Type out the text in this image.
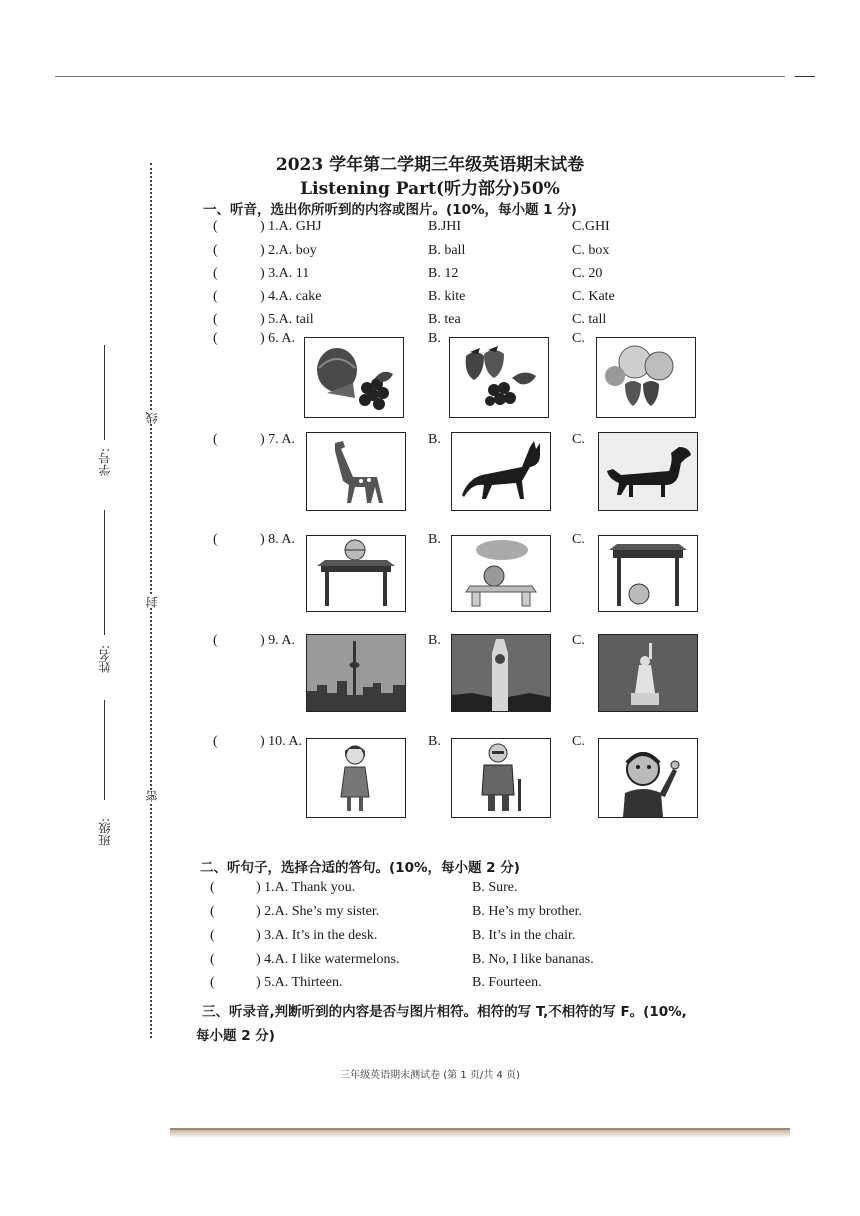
线
封
密
班级:
姓名:
学号:
2023 学年第二学期三年级英语期末试卷
Listening Part(听力部分)50%
一、听音，选出你所听到的内容或图片。(10%，每小题 1 分)
(	) 1.A. GHJ	B.JHI	C.GHI
(	) 2.A. boy	B. ball	C. box
(	) 3.A. 11	B. 12	C. 20
(	) 4.A. cake	B. kite	C. Kate
(	) 5.A. tail	B. tea	C. tall
(	) 6. A.	B.	C.
(	) 7. A.	B.	C.
(	) 8. A.	B.	C.
(	) 9. A.	B.	C.
(	) 10. A.	B.	C.
二、听句子，选择合适的答句。(10%，每小题 2 分)
(	) 1.A. Thank you.	B. Sure.
(	) 2.A. She’s my sister.	B. He’s my brother.
(	) 3.A. It’s in the desk.	B. It’s in the chair.
(	) 4.A. I like watermelons.	B. No, I like bananas.
(	) 5.A. Thirteen.	B. Fourteen.
三、听录音,判断听到的内容是否与图片相符。相符的写 T,不相符的写 F。(10%,
每小题 2 分)
三年级英语期末测试卷 (第 1 页/共 4 页)
